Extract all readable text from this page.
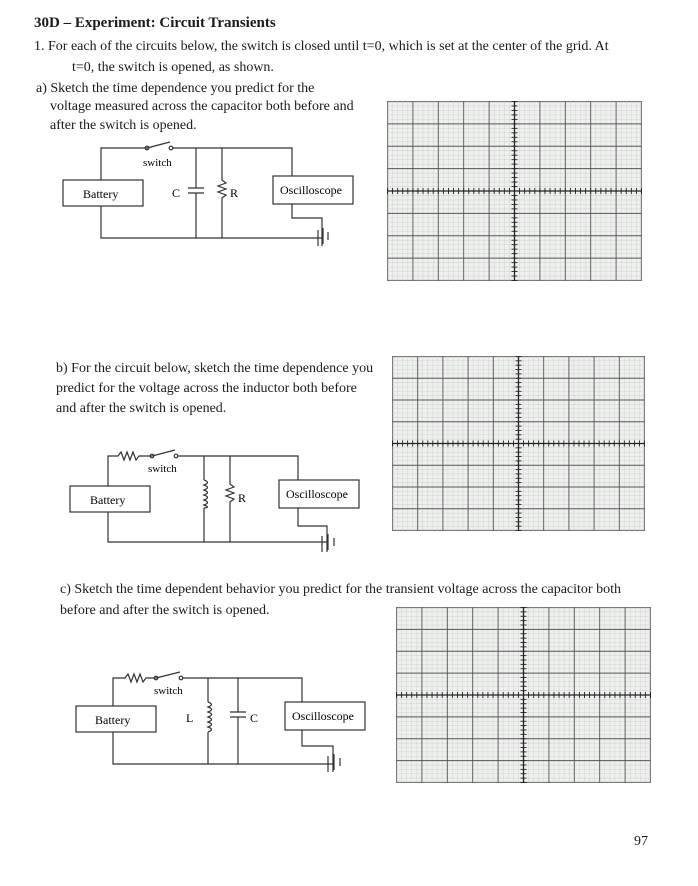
30D – Experiment: Circuit Transients
1. For each of the circuits below, the switch is closed until t=0, which is set at the center of the grid. At
t=0, the switch is opened, as shown.
a) Sketch the time dependence you predict for the
voltage measured across the capacitor both before and
after the switch is opened.
switch
Battery	C	R	Oscilloscope
b) For the circuit below, sketch the time dependence you
predict for the voltage across the inductor both before
and after the switch is opened.
switch
Battery	R	Oscilloscope
c) Sketch the time dependent behavior you predict for the transient voltage across the capacitor both
before and after the switch is opened.
switch
Battery	L	C	Oscilloscope
97
